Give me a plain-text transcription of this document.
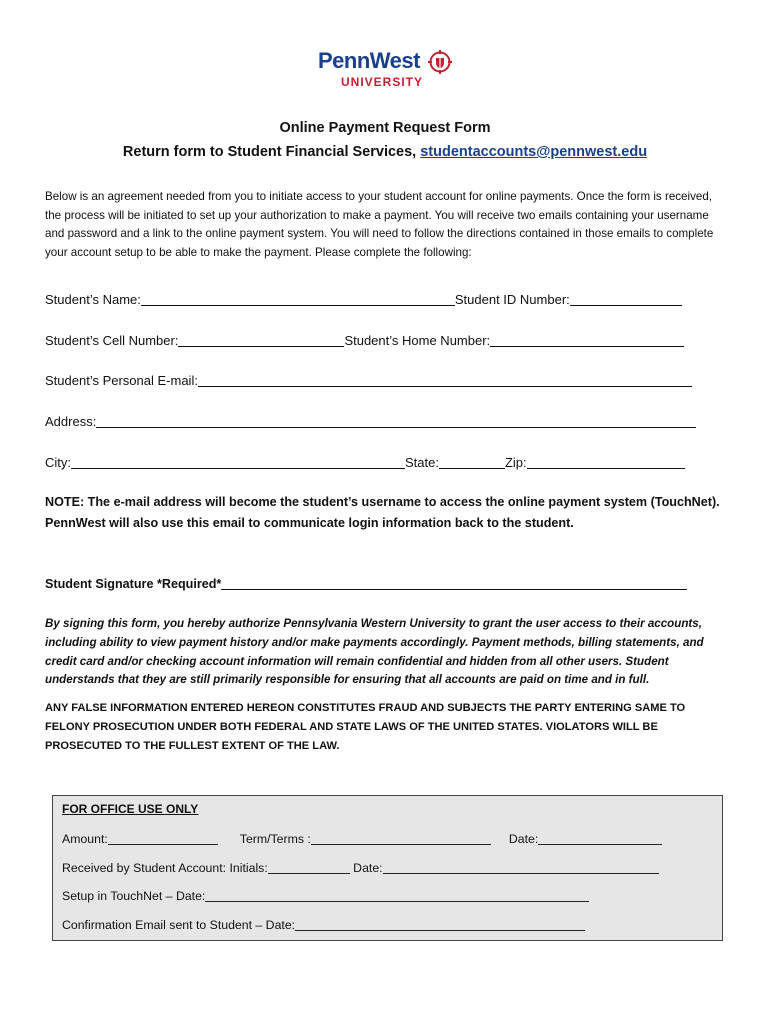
PennWest
UNIVERSITY
Online Payment Request Form
Return form to Student Financial Services, studentaccounts@pennwest.edu
Below is an agreement needed from you to initiate access to your student account for online payments. Once the form is received, the process will be initiated to set up your authorization to make a payment. You will receive two emails containing your username and password and a link to the online payment system. You will need to follow the directions contained in those emails to complete your account setup to be able to make the payment. Please complete the following:
Student’s Name:	Student ID Number:
Student’s Cell Number:	Student’s Home Number:
Student’s Personal E-mail:
Address:
City:	State:	Zip:
NOTE: The e-mail address will become the student’s username to access the online payment system (TouchNet). PennWest will also use this email to communicate login information back to the student.
Student Signature *Required*
By signing this form, you hereby authorize Pennsylvania Western University to grant the user access to their accounts, including ability to view payment history and/or make payments accordingly. Payment methods, billing statements, and credit card and/or checking account information will remain confidential and hidden from all other users. Student understands that they are still primarily responsible for ensuring that all accounts are paid on time and in full.
ANY FALSE INFORMATION ENTERED HEREON CONSTITUTES FRAUD AND SUBJECTS THE PARTY ENTERING SAME TO FELONY PROSECUTION UNDER BOTH FEDERAL AND STATE LAWS OF THE UNITED STATES. VIOLATORS WILL BE PROSECUTED TO THE FULLEST EXTENT OF THE LAW.
FOR OFFICE USE ONLY
Amount:	Term/Terms :	Date:
Received by Student Account: Initials:	Date:
Setup in TouchNet – Date:
Confirmation Email sent to Student – Date:
